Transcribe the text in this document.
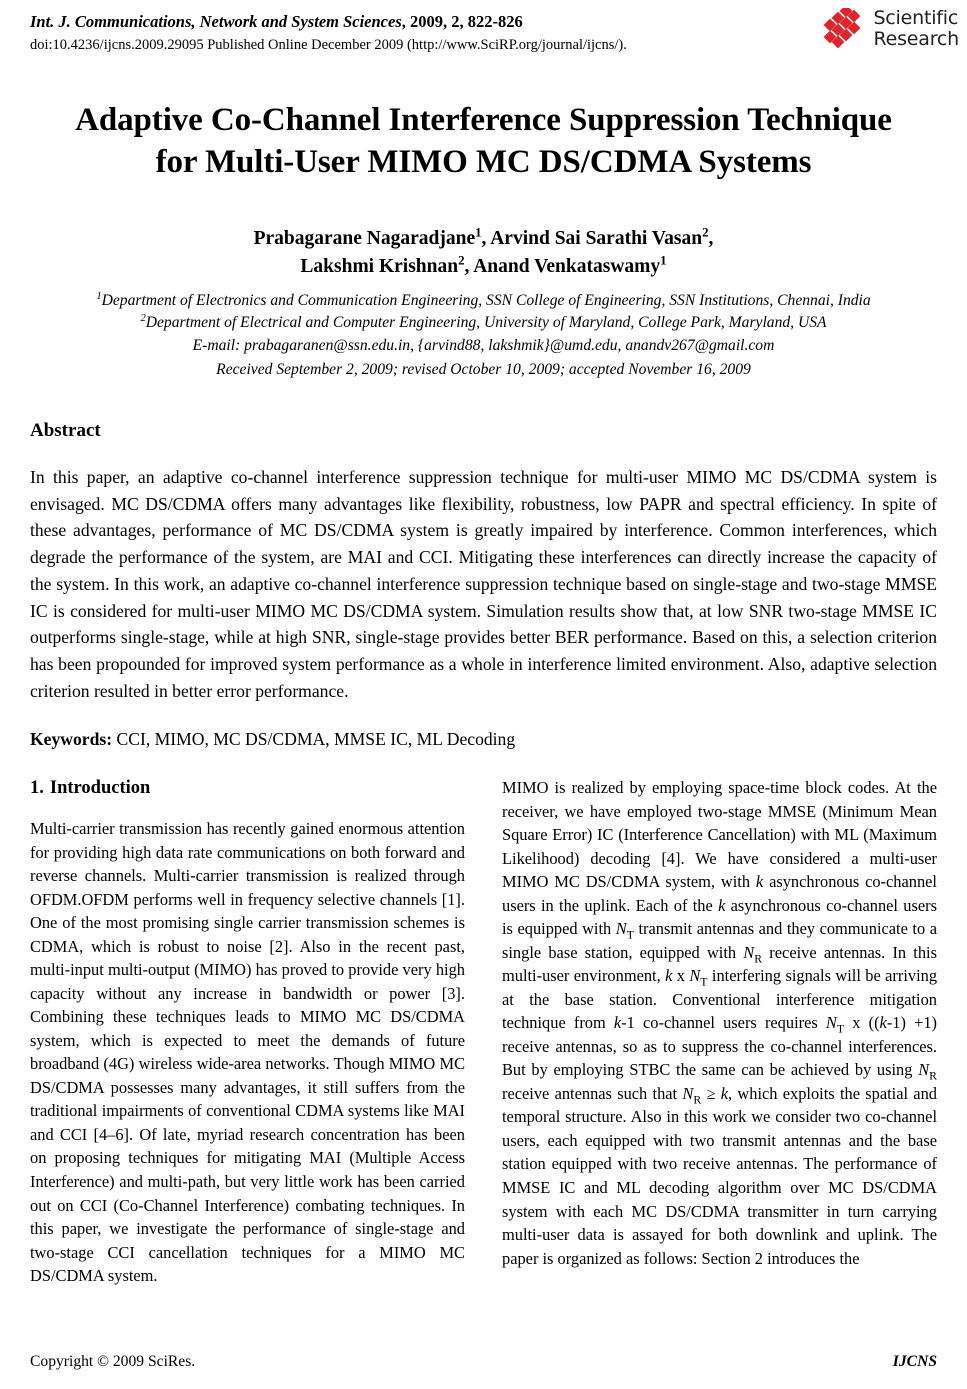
Int. J. Communications, Network and System Sciences, 2009, 2, 822-826
doi:10.4236/ijcns.2009.29095 Published Online December 2009 (http://www.SciRP.org/journal/ijcns/).
Scientific
Research
Adaptive Co-Channel Interference Suppression Technique
for Multi-User MIMO MC DS/CDMA Systems
Prabagarane Nagaradjane$^1$, Arvind Sai Sarathi Vasan$^2$,
Lakshmi Krishnan$^2$, Anand Venkataswamy$^1$
$^1$Department of Electronics and Communication Engineering, SSN College of Engineering, SSN Institutions, Chennai, India
$^2$Department of Electrical and Computer Engineering, University of Maryland, College Park, Maryland, USA
E-mail: prabagaranen@ssn.edu.in, {arvind88, lakshmik}@umd.edu, anandv267@gmail.com
Received September 2, 2009; revised October 10, 2009; accepted November 16, 2009
Abstract
In this paper, an adaptive co-channel interference suppression technique for multi-user MIMO MC DS/CDMA system is envisaged. MC DS/CDMA offers many advantages like flexibility, robustness, low PAPR and spectral efficiency. In spite of these advantages, performance of MC DS/CDMA system is greatly impaired by interference. Common interferences, which degrade the performance of the system, are MAI and CCI. Mitigating these interferences can directly increase the capacity of the system. In this work, an adaptive co-channel interference suppression technique based on single-stage and two-stage MMSE IC is considered for multi-user MIMO MC DS/CDMA system. Simulation results show that, at low SNR two-stage MMSE IC outperforms single-stage, while at high SNR, single-stage provides better BER performance. Based on this, a selection criterion has been propounded for improved system performance as a whole in interference limited environment. Also, adaptive selection criterion resulted in better error performance.
Keywords: CCI, MIMO, MC DS/CDMA, MMSE IC, ML Decoding
1. Introduction
Multi-carrier transmission has recently gained enormous attention for providing high data rate communications on both forward and reverse channels. Multi-carrier transmission is realized through OFDM.OFDM performs well in frequency selective channels [1]. One of the most promising single carrier transmission schemes is CDMA, which is robust to noise [2]. Also in the recent past, multi-input multi-output (MIMO) has proved to provide very high capacity without any increase in bandwidth or power [3]. Combining these techniques leads to MIMO MC DS/CDMA system, which is expected to meet the demands of future broadband (4G) wireless wide-area networks. Though MIMO MC DS/CDMA possesses many advantages, it still suffers from the traditional impairments of conventional CDMA systems like MAI and CCI [4–6]. Of late, myriad research concentration has been on proposing techniques for mitigating MAI (Multiple Access Interference) and multi-path, but very little work has been carried out on CCI (Co-Channel Interference) combating techniques. In this paper, we investigate the performance of single-stage and two-stage CCI cancellation techniques for a MIMO MC DS/CDMA system.
MIMO is realized by employing space-time block codes. At the receiver, we have employed two-stage MMSE (Minimum Mean Square Error) IC (Interference Cancellation) with ML (Maximum Likelihood) decoding [4]. We have considered a multi-user MIMO MC DS/CDMA system, with k asynchronous co-channel users in the uplink. Each of the k asynchronous co-channel users is equipped with $N_T$ transmit antennas and they communicate to a single base station, equipped with $N_R$ receive antennas. In this multi-user environment, k x $N_T$ interfering signals will be arriving at the base station. Conventional interference mitigation technique from k-1 co-channel users requires $N_T$ x ((k-1) +1) receive antennas, so as to suppress the co-channel interferences. But by employing STBC the same can be achieved by using $N_R$ receive antennas such that $N_R \ge k$, which exploits the spatial and temporal structure. Also in this work we consider two co-channel users, each equipped with two transmit antennas and the base station equipped with two receive antennas. The performance of MMSE IC and ML decoding algorithm over MC DS/CDMA system with each MC DS/CDMA transmitter in turn carrying multi-user data is assayed for both downlink and uplink. The paper is organized as follows: Section 2 introduces the
Copyright © 2009 SciRes.	IJCNS
